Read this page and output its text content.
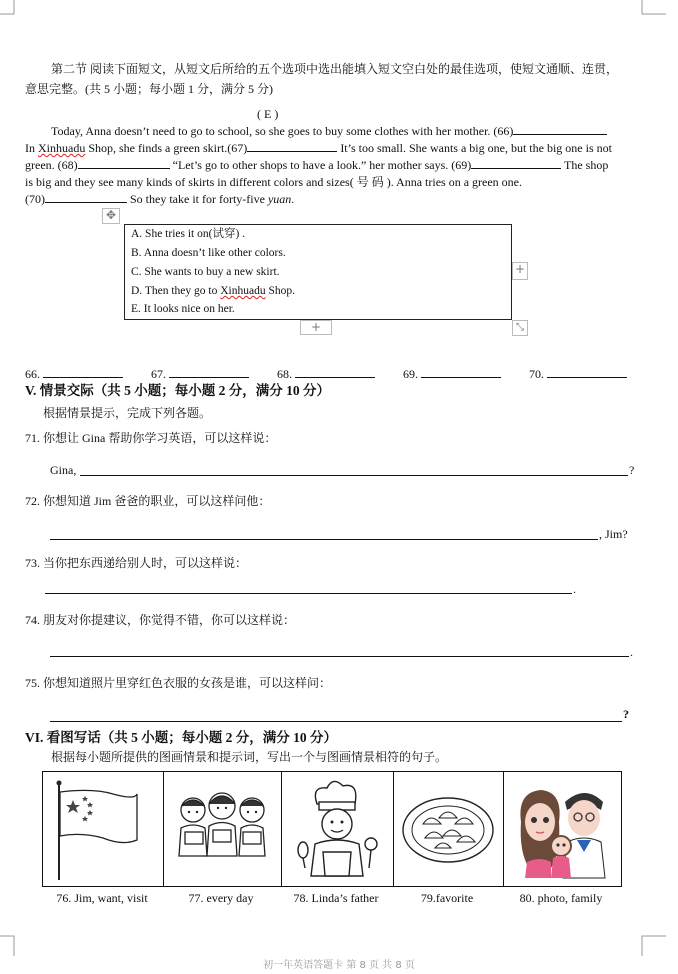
第二节 阅读下面短文，从短文后所给的五个选项中选出能填入短文空白处的最佳选项，使短文通顺、连贯，
意思完整。(共 5 小题；每小题 1 分，满分 5 分)
( E )
Today, Anna doesn’t need to go to school, so she goes to buy some clothes with her mother. (66)
In Xinhuadu Shop, she finds a green skirt.(67)	It’s too small. She wants a big one, but the big one is not
green. (68)	“Let’s go to other shops to have a look.” her mother says. (69)	The shop
is big and they see many kinds of skirts in different colors and sizes( 号 码 ). Anna tries on a green one.
(70)	So they take it for forty-five yuan.
✥
+
+	⤡
A. She tries it on(试穿) .
B. Anna doesn’t like other colors.
C. She wants to buy a new skirt.
D. Then they go to Xinhuadu Shop.
E. It looks nice on her.
66.	67.	68.	69.	70.
V. 情景交际（共 5 小题；每小题 2 分，满分 10 分）
根据情景提示，完成下列各题。
71. 你想让 Gina 帮助你学习英语，可以这样说：
Gina,	?
72. 你想知道 Jim 爸爸的职业，可以这样问他：
, Jim?
73. 当你把东西递给别人时，可以这样说：
.
74. 朋友对你提建议，你觉得不错，你可以这样说：
.
75. 你想知道照片里穿红色衣服的女孩是谁，可以这样问：
?
VI. 看图写话（共 5 小题；每小题 2 分，满分 10 分）
根据每小题所提供的图画情景和提示词，写出一个与图画情景相符的句子。
76. Jim, want, visit	77. every day	78. Linda’s father	79.favorite	80. photo, family
初一年英语答题卡 第 8 页 共 8 页
